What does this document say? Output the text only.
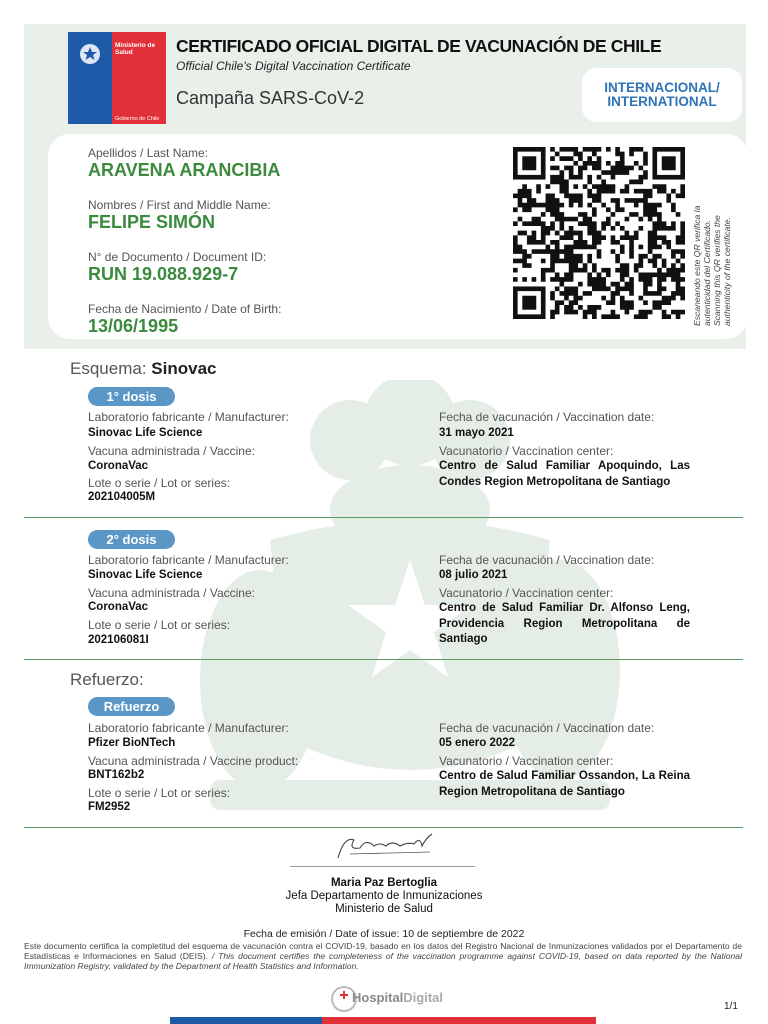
Ministerio de Salud
Gobierno de Chile
CERTIFICADO OFICIAL DIGITAL DE VACUNACIÓN DE CHILE
Official Chile's Digital Vaccination Certificate
Campaña SARS-CoV-2
INTERNACIONAL/
INTERNATIONAL
Apellidos / Last Name:
ARAVENA ARANCIBIA
Nombres / First and Middle Name:
FELIPE SIMÓN
N° de Documento / Document ID:
RUN 19.088.929-7
Fecha de Nacimiento / Date of Birth:
13/06/1995	Escaneando este QR verifica la autenticidad del Certificado. Scanning this QR verifies the authenticity of the certificate.
Esquema: Sinovac
1° dosis
Laboratorio fabricante / Manufacturer:
Sinovac Life Science
Vacuna administrada / Vaccine:
CoronaVac
Lote o serie / Lot or series:
202104005M
Fecha de vacunación / Vaccination date:
31 mayo 2021
Vacunatorio / Vaccination center:
Centro de Salud Familiar Apoquindo, Las Condes Region Metropolitana de Santiago
2° dosis
Laboratorio fabricante / Manufacturer:
Sinovac Life Science
Vacuna administrada / Vaccine:
CoronaVac
Lote o serie / Lot or series:
202106081I
Fecha de vacunación / Vaccination date:
08 julio 2021
Vacunatorio / Vaccination center:
Centro de Salud Familiar Dr. Alfonso Leng, Providencia Region Metropolitana de Santiago
Refuerzo:
Refuerzo
Laboratorio fabricante / Manufacturer:
Pfizer BioNTech
Vacuna administrada / Vaccine product:
BNT162b2
Lote o serie / Lot or series:
FM2952
Fecha de vacunación / Vaccination date:
05 enero 2022
Vacunatorio / Vaccination center:
Centro de Salud Familiar Ossandon, La Reina Region Metropolitana de Santiago
Maria Paz Bertoglia
Jefa Departamento de Inmunizaciones
Ministerio de Salud
Fecha de emisión / Date of issue: 10 de septiembre de 2022
Este documento certifica la completitud del esquema de vacunación contra el COVID-19, basado en los datos del Registro Nacional de Inmunizaciones validados por el Departamento de Estadísticas e Informaciones en Salud (DEIS). / This document certifies the completeness of the vaccination programme against COVID-19, based on data reported by the National Immunization Registry, validated by the Department of Health Statistics and Information.
HospitalDigital
1/1
